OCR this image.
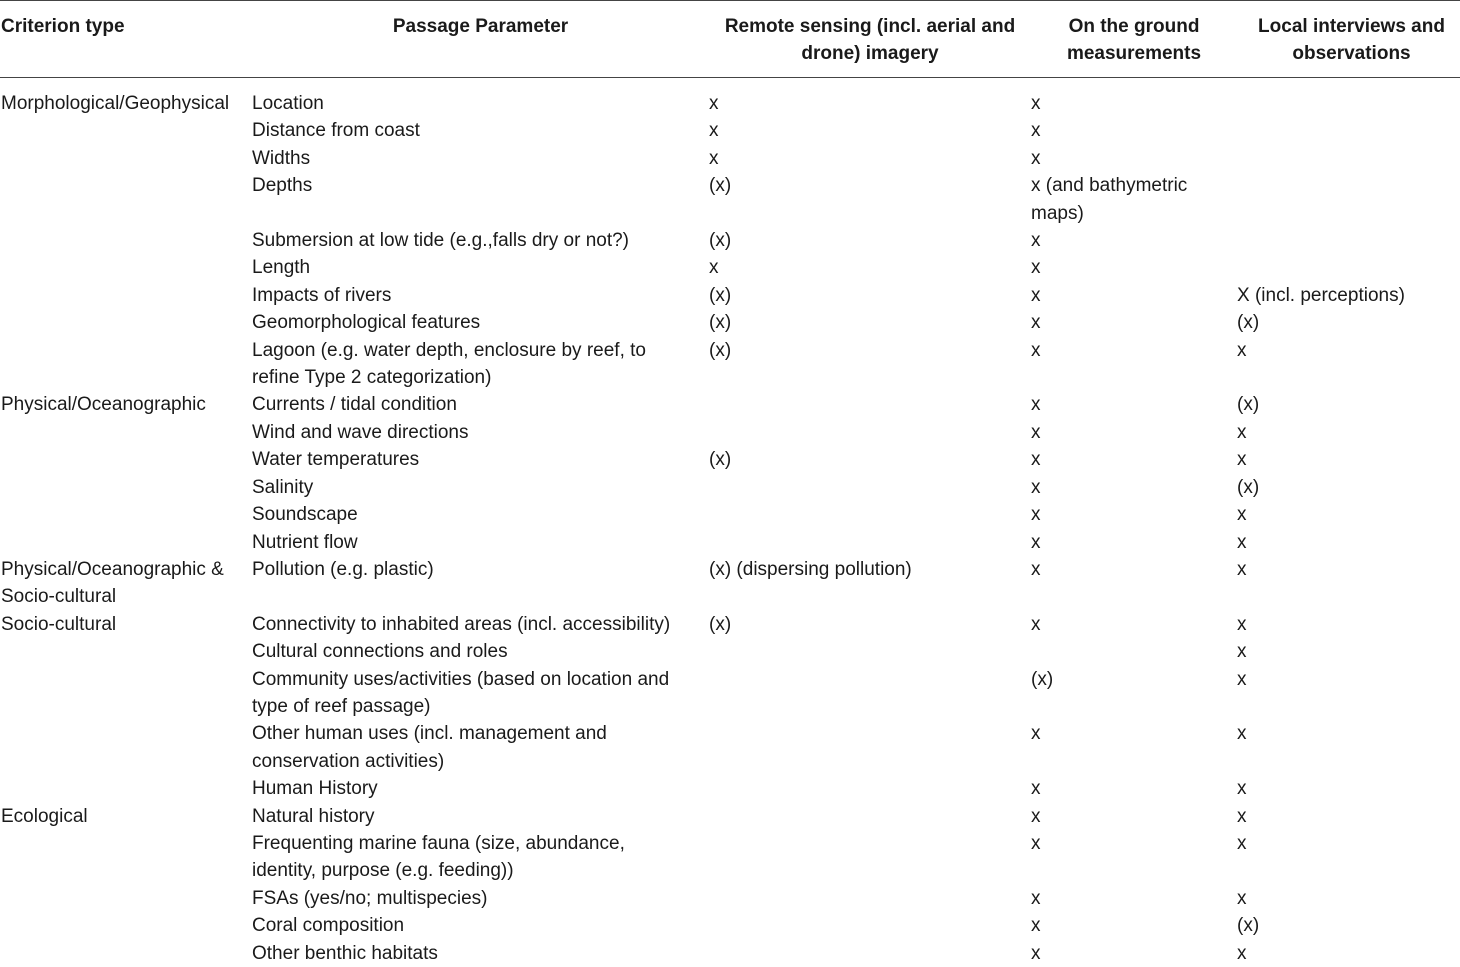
Criterion type	Passage Parameter	Remote sensing (incl. aerial and drone) imagery	On the ground measurements	Local interviews and observations
Morphological/Geophysical	Location	x	x	
	Distance from coast	x	x	
	Widths	x	x	
	Depths	(x)	x (and bathymetric maps)	
	Submersion at low tide (e.g.,falls dry or not?)	(x)	x	
	Length	x	x	
	Impacts of rivers	(x)	x	X (incl. perceptions)
	Geomorphological features	(x)	x	(x)
	Lagoon (e.g. water depth, enclosure by reef, to refine Type 2 categorization)	(x)	x	x
Physical/Oceanographic	Currents / tidal condition		x	(x)
	Wind and wave directions		x	x
	Water temperatures	(x)	x	x
	Salinity		x	(x)
	Soundscape		x	x
	Nutrient flow		x	x
Physical/Oceanographic & Socio-cultural	Pollution (e.g. plastic)	(x) (dispersing pollution)	x	x
Socio-cultural	Connectivity to inhabited areas (incl. accessibility)	(x)	x	x
	Cultural connections and roles			x
	Community uses/activities (based on location and type of reef passage)		(x)	x
	Other human uses (incl. management and conservation activities)		x	x
	Human History		x	x
Ecological	Natural history		x	x
	Frequenting marine fauna (size, abundance, identity, purpose (e.g. feeding))		x	x
	FSAs (yes/no; multispecies)		x	x
	Coral composition		x	(x)
	Other benthic habitats		x	x
